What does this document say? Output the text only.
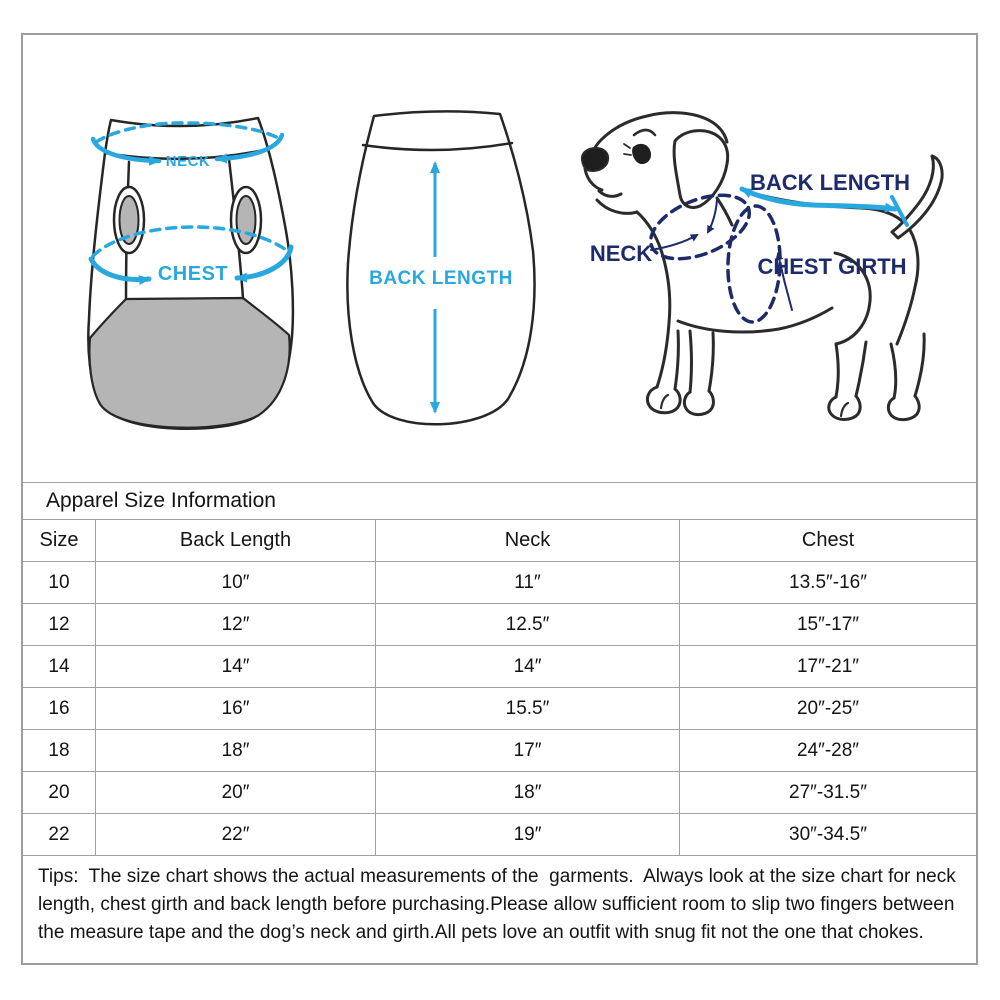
NECK
CHEST	BACK LENGTH
BACK LENGTH
NECK
CHEST GIRTH
Apparel Size Information
Size	Back Length	Neck	Chest
10	10″	11″	13.5″-16″
12	12″	12.5″	15″-17″
14	14″	14″	17″-21″
16	16″	15.5″	20″-25″
18	18″	17″	24″-28″
20	20″	18″	27″-31.5″
22	22″	19″	30″-34.5″
Tips:  The size chart shows the actual measurements of the  garments.  Always look at the size chart for neck length, chest girth and back length before purchasing.Please allow sufficient room to slip two fingers between the measure tape and the dog’s neck and girth.All pets love an outfit with snug fit not the one that chokes.
